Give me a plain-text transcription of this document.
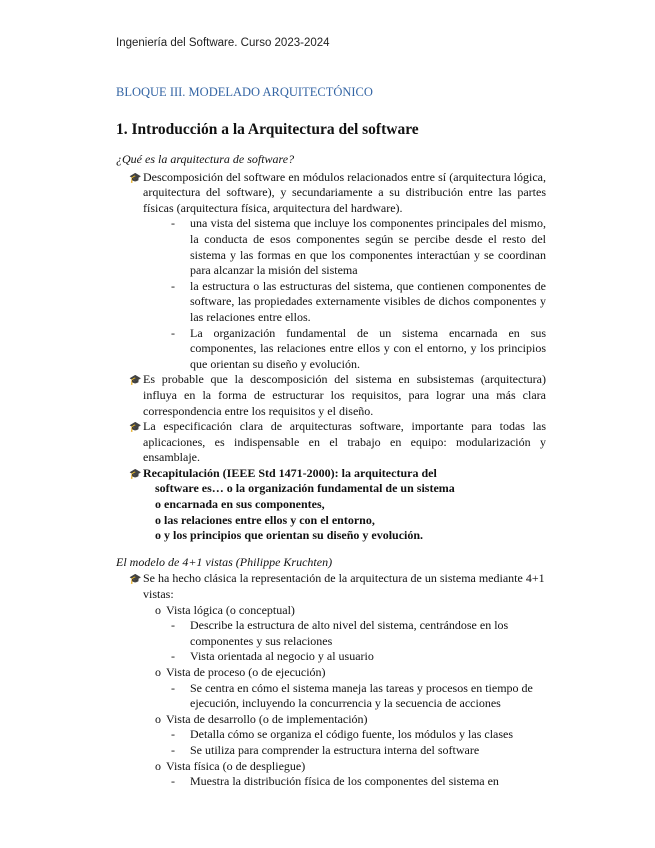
Ingeniería del Software. Curso 2023-2024
BLOQUE III. MODELADO ARQUITECTÓNICO
1. Introducción a la Arquitectura del software
¿Qué es la arquitectura de software?
🎓 Descomposición del software en módulos relacionados entre sí (arquitectura lógica, arquitectura del software), y secundariamente a su distribución entre las partes físicas (arquitectura física, arquitectura del hardware).
- una vista del sistema que incluye los componentes principales del mismo, la conducta de esos componentes según se percibe desde el resto del sistema y las formas en que los componentes interactúan y se coordinan para alcanzar la misión del sistema
- la estructura o las estructuras del sistema, que contienen componentes de software, las propiedades externamente visibles de dichos componentes y las relaciones entre ellos.
- La organización fundamental de un sistema encarnada en sus componentes, las relaciones entre ellos y con el entorno, y los principios que orientan su diseño y evolución.
🎓 Es probable que la descomposición del sistema en subsistemas (arquitectura) influya en la forma de estructurar los requisitos, para lograr una más clara correspondencia entre los requisitos y el diseño.
🎓 La especificación clara de arquitecturas software, importante para todas las aplicaciones, es indispensable en el trabajo en equipo: modularización y ensamblaje.
🎓 Recapitulación (IEEE Std 1471-2000): la arquitectura del
software es… o la organización fundamental de un sistema
o encarnada en sus componentes,
o las relaciones entre ellos y con el entorno,
o y los principios que orientan su diseño y evolución.
El modelo de 4+1 vistas (Philippe Kruchten)
🎓 Se ha hecho clásica la representación de la arquitectura de un sistema mediante 4+1 vistas:
o Vista lógica (o conceptual)
- Describe la estructura de alto nivel del sistema, centrándose en los componentes y sus relaciones
- Vista orientada al negocio y al usuario
o Vista de proceso (o de ejecución)
- Se centra en cómo el sistema maneja las tareas y procesos en tiempo de ejecución, incluyendo la concurrencia y la secuencia de acciones
o Vista de desarrollo (o de implementación)
- Detalla cómo se organiza el código fuente, los módulos y las clases
- Se utiliza para comprender la estructura interna del software
o Vista física (o de despliegue)
- Muestra la distribución física de los componentes del sistema en
